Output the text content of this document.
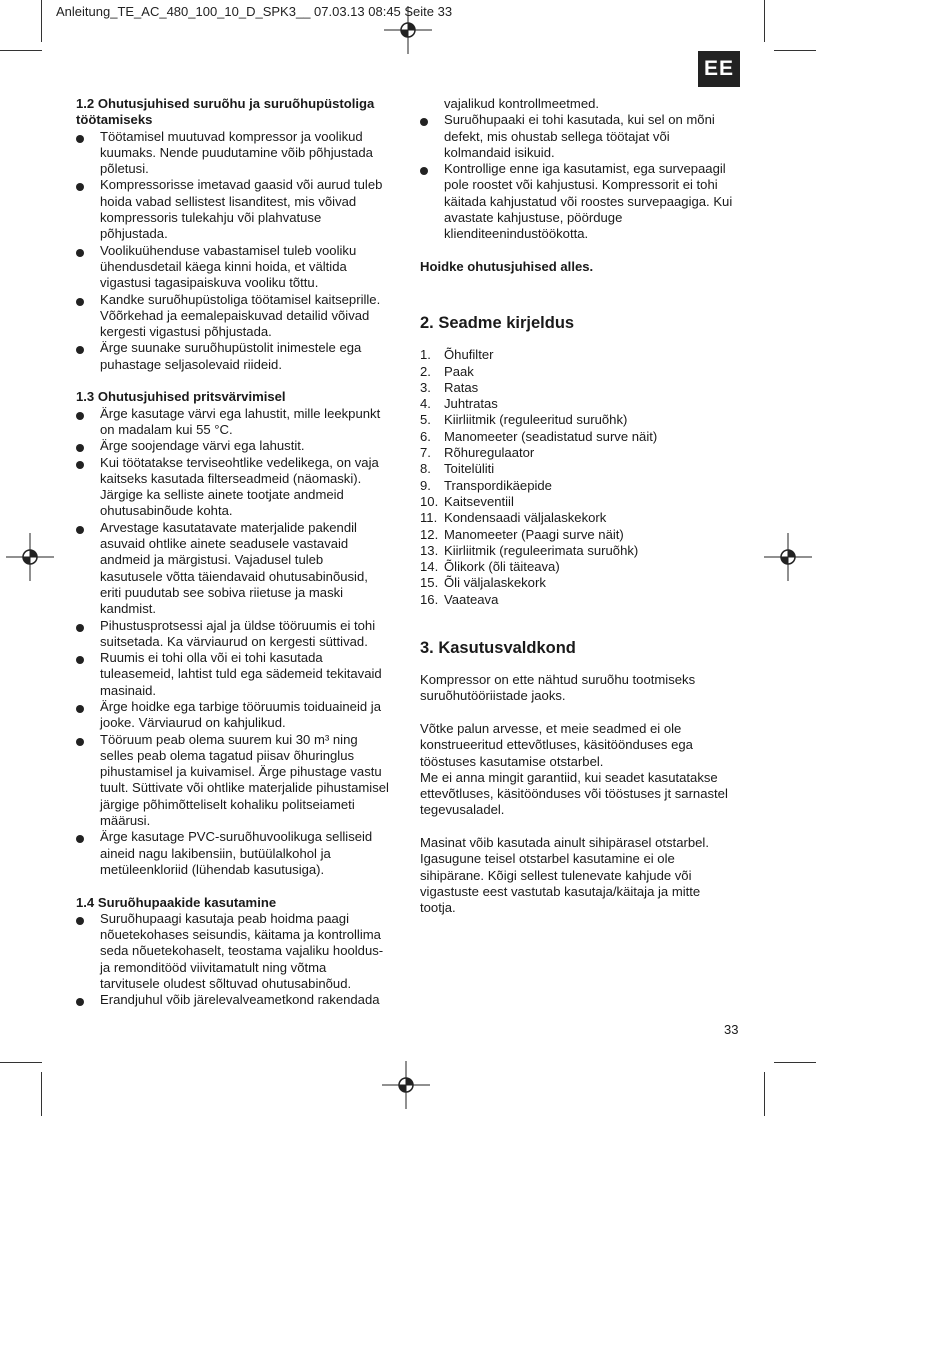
Anleitung_TE_AC_480_100_10_D_SPK3__ 07.03.13 08:45 Seite 33
EE
1.2 Ohutusjuhised suruõhu ja suruõhupüstoliga
töötamiseks
Töötamisel muutuvad kompressor ja voolikud
kuumaks. Nende puudutamine võib põhjustada
põletusi.
Kompressorisse imetavad gaasid või aurud tuleb
hoida vabad sellistest lisanditest, mis võivad
kompressoris tulekahju või plahvatuse
põhjustada.
Voolikuühenduse vabastamisel tuleb vooliku
ühendusdetail käega kinni hoida, et vältida
vigastusi tagasipaiskuva vooliku tõttu.
Kandke suruõhupüstoliga töötamisel kaitseprille.
Võõrkehad ja eemalepaiskuvad detailid võivad
kergesti vigastusi põhjustada.
Ärge suunake suruõhupüstolit inimestele ega
puhastage seljasolevaid riideid.
1.3 Ohutusjuhised pritsvärvimisel
Ärge kasutage värvi ega lahustit, mille leekpunkt
on madalam kui 55 °C.
Ärge soojendage värvi ega lahustit.
Kui töötatakse terviseohtlike vedelikega, on vaja
kaitseks kasutada filterseadmeid (näomaski).
Järgige ka selliste ainete tootjate andmeid
ohutusabinõude kohta.
Arvestage kasutatavate materjalide pakendil
asuvaid ohtlike ainete seadusele vastavaid
andmeid ja märgistusi. Vajadusel tuleb
kasutusele võtta täiendavaid ohutusabinõusid,
eriti puudutab see sobiva riietuse ja maski
kandmist.
Pihustusprotsessi ajal ja üldse tööruumis ei tohi
suitsetada. Ka värviaurud on kergesti süttivad.
Ruumis ei tohi olla või ei tohi kasutada
tuleasemeid, lahtist tuld ega sädemeid tekitavaid
masinaid.
Ärge hoidke ega tarbige tööruumis toiduaineid ja
jooke. Värviaurud on kahjulikud.
Tööruum peab olema suurem kui 30 m³ ning
selles peab olema tagatud piisav õhuringlus
pihustamisel ja kuivamisel. Ärge pihustage vastu
tuult. Süttivate või ohtlike materjalide pihustamisel
järgige põhimõtteliselt kohaliku politseiameti
määrusi.
Ärge kasutage PVC-suruõhuvoolikuga selliseid
aineid nagu lakibensiin, butüülalkohol ja
metüleenkloriid (lühendab kasutusiga).
1.4 Suruõhupaakide kasutamine
Suruõhupaagi kasutaja peab hoidma paagi
nõuetekohases seisundis, käitama ja kontrollima
seda nõuetekohaselt, teostama vajaliku hooldus-
ja remonditööd viivitamatult ning võtma
tarvitusele oludest sõltuvad ohutusabinõud.
Erandjuhul võib järelevalveametkond rakendada
vajalikud kontrollmeetmed.
Suruõhupaaki ei tohi kasutada, kui sel on mõni
defekt, mis ohustab sellega töötajat või
kolmandaid isikuid.
Kontrollige enne iga kasutamist, ega survepaagil
pole roostet või kahjustusi. Kompressorit ei tohi
käitada kahjustatud või roostes survepaagiga. Kui
avastate kahjustuse, pöörduge
klienditeenindustöökotta.
Hoidke ohutusjuhised alles.
2. Seadme kirjeldus
1. Õhufilter
2. Paak
3. Ratas
4. Juhtratas
5. Kiirliitmik (reguleeritud suruõhk)
6. Manomeeter (seadistatud surve näit)
7. Rõhuregulaator
8. Toitelüliti
9. Transpordikäepide
10. Kaitseventiil
11. Kondensaadi väljalaskekork
12. Manomeeter (Paagi surve näit)
13. Kiirliitmik (reguleerimata suruõhk)
14. Õlikork (õli täiteava)
15. Õli väljalaskekork
16. Vaateava
3. Kasutusvaldkond

Kompressor on ette nähtud suruõhu tootmiseks
suruõhutööriistade jaoks.

Võtke palun arvesse, et meie seadmed ei ole
konstrueeritud ettevõtluses, käsitöönduses ega
tööstuses kasutamise otstarbel.
Me ei anna mingit garantiid, kui seadet kasutatakse
ettevõtluses, käsitöönduses või tööstuses jt sarnastel
tegevusaladel.

Masinat võib kasutada ainult sihipärasel otstarbel.
Igasugune teisel otstarbel kasutamine ei ole
sihipärane. Kõigi sellest tulenevate kahjude või
vigastuste eest vastutab kasutaja/käitaja ja mitte
tootja.

33
